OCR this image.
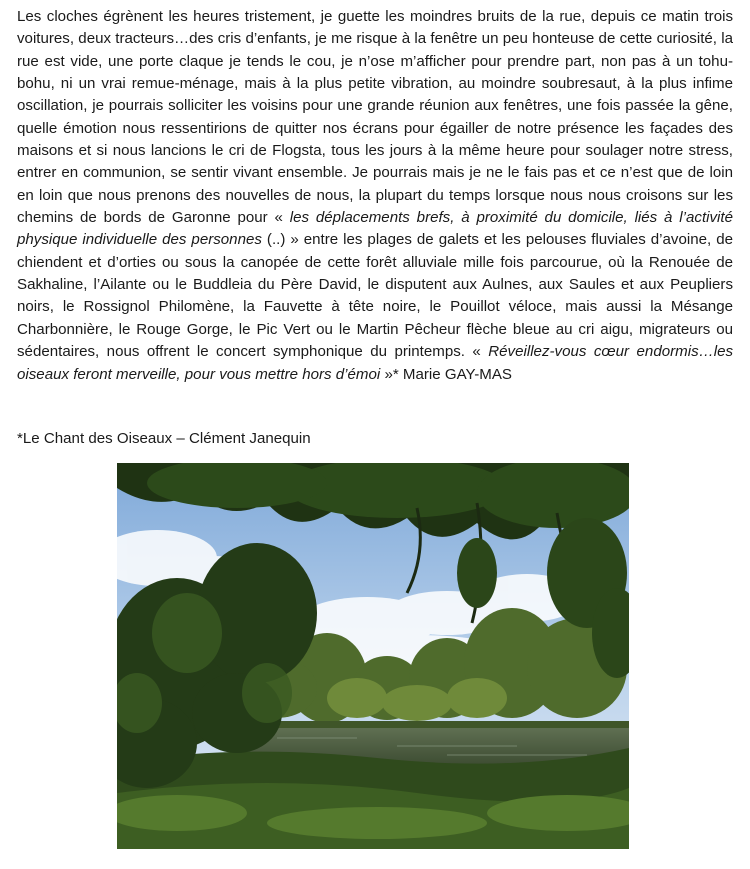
Les cloches égrènent les heures tristement, je guette les moindres bruits de la rue, depuis ce matin trois voitures, deux tracteurs…des cris d’enfants, je me risque à la fenêtre un peu honteuse de cette curiosité, la rue est vide, une porte claque je tends le cou, je n’ose m’afficher pour prendre part, non pas à un tohu-bohu, ni un vrai remue-ménage, mais à la plus petite vibration, au moindre soubresaut, à la plus infime oscillation, je pourrais solliciter les voisins pour une grande réunion aux fenêtres, une fois passée la gêne, quelle émotion nous ressentirions de quitter nos écrans pour égailler de notre présence les façades des maisons et si nous lancions le cri de Flogsta, tous les jours à la même heure pour soulager notre stress, entrer en communion, se sentir vivant ensemble. Je pourrais mais je ne le fais pas et ce n’est que de loin en loin que nous prenons des nouvelles de nous, la plupart du temps lorsque nous nous croisons sur les chemins de bords de Garonne pour « les déplacements brefs, à proximité du domicile, liés à l’activité physique individuelle des personnes (..) » entre les plages de galets et les pelouses fluviales d’avoine, de chiendent et d’orties ou sous la canopée de cette forêt alluviale mille fois parcourue, où la Renouée de Sakhaline, l’Ailante ou le Buddleia du Père David, le disputent aux Aulnes, aux Saules et aux Peupliers noirs, le Rossignol Philomène, la Fauvette à tête noire, le Pouillot véloce, mais aussi la Mésange Charbonnière, le Rouge Gorge, le Pic Vert ou le Martin Pêcheur flèche bleue au cri aigu, migrateurs ou sédentaires, nous offrent le concert symphonique du printemps. « Réveillez-vous cœur endormis…les oiseaux feront merveille, pour vous mettre hors d’émoi »* Marie GAY-MAS

*Le Chant des Oiseaux – Clément Janequin
